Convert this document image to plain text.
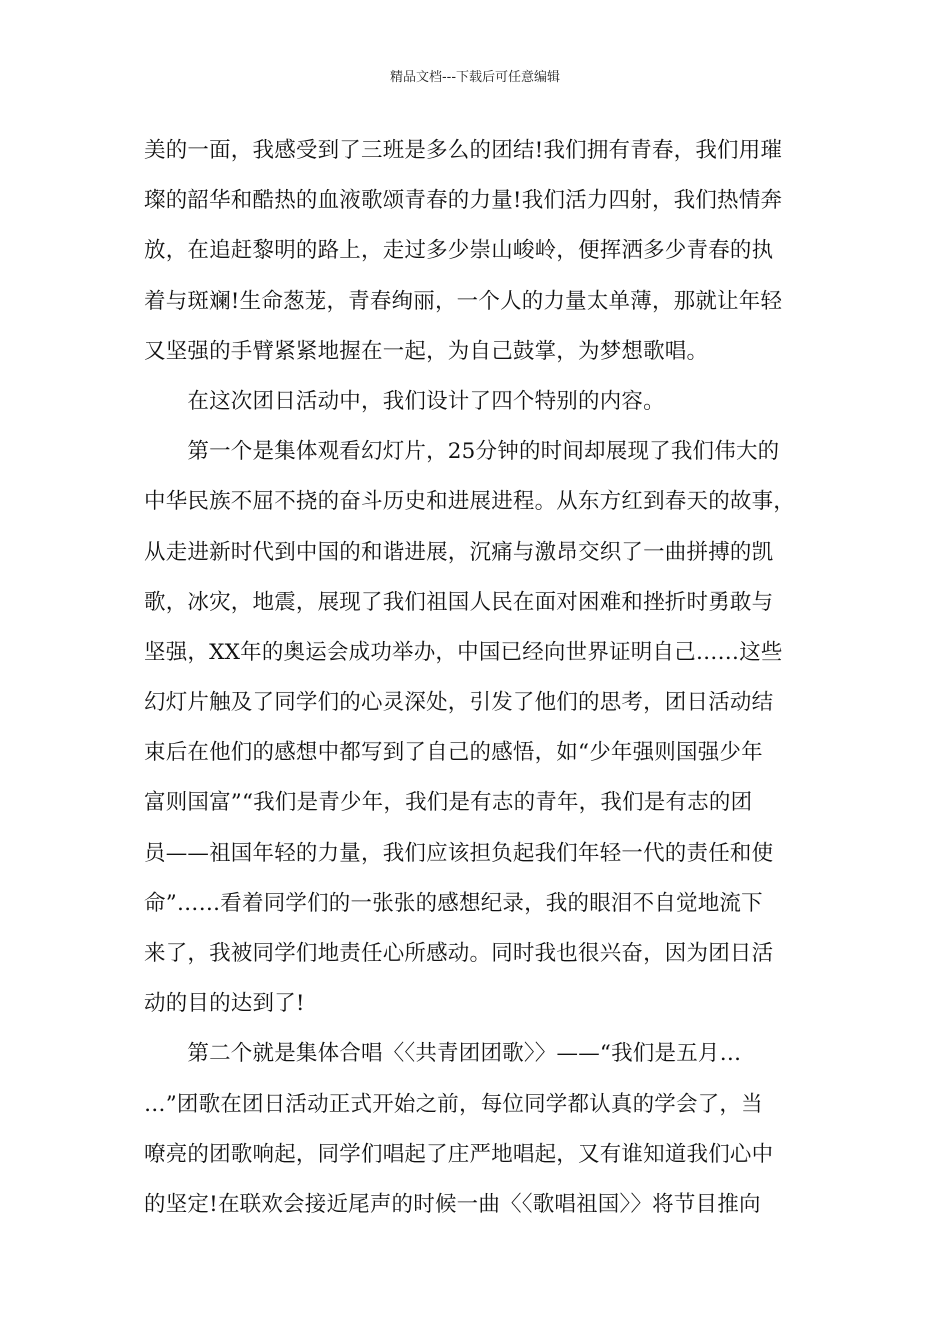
精品文档---下载后可任意编辑
美的一面，我感受到了三班是多么的团结!我们拥有青春，我们用璀
璨的韶华和酷热的血液歌颂青春的力量!我们活力四射，我们热情奔
放，在追赶黎明的路上，走过多少崇山峻岭，便挥洒多少青春的执
着与斑斓!生命葱茏，青春绚丽，一个人的力量太单薄，那就让年轻
又坚强的手臂紧紧地握在一起，为自己鼓掌，为梦想歌唱。
　　在这次团日活动中，我们设计了四个特别的内容。
　　第一个是集体观看幻灯片，25分钟的时间却展现了我们伟大的
中华民族不屈不挠的奋斗历史和进展进程。从东方红到春天的故事，
从走进新时代到中国的和谐进展，沉痛与激昂交织了一曲拼搏的凯
歌，冰灾，地震，展现了我们祖国人民在面对困难和挫折时勇敢与
坚强，XX年的奥运会成功举办，中国已经向世界证明自己……这些
幻灯片触及了同学们的心灵深处，引发了他们的思考，团日活动结
束后在他们的感想中都写到了自己的感悟，如“少年强则国强少年
富则国富”“我们是青少年，我们是有志的青年，我们是有志的团
员——祖国年轻的力量，我们应该担负起我们年轻一代的责任和使
命”……看着同学们的一张张的感想纪录，我的眼泪不自觉地流下
来了，我被同学们地责任心所感动。同时我也很兴奋，因为团日活
动的目的达到了!
　　第二个就是集体合唱〈〈共青团团歌〉〉——“我们是五月…
…”团歌在团日活动正式开始之前，每位同学都认真的学会了，当
嘹亮的团歌响起，同学们唱起了庄严地唱起，又有谁知道我们心中
的坚定!在联欢会接近尾声的时候一曲〈〈歌唱祖国〉〉将节目推向
